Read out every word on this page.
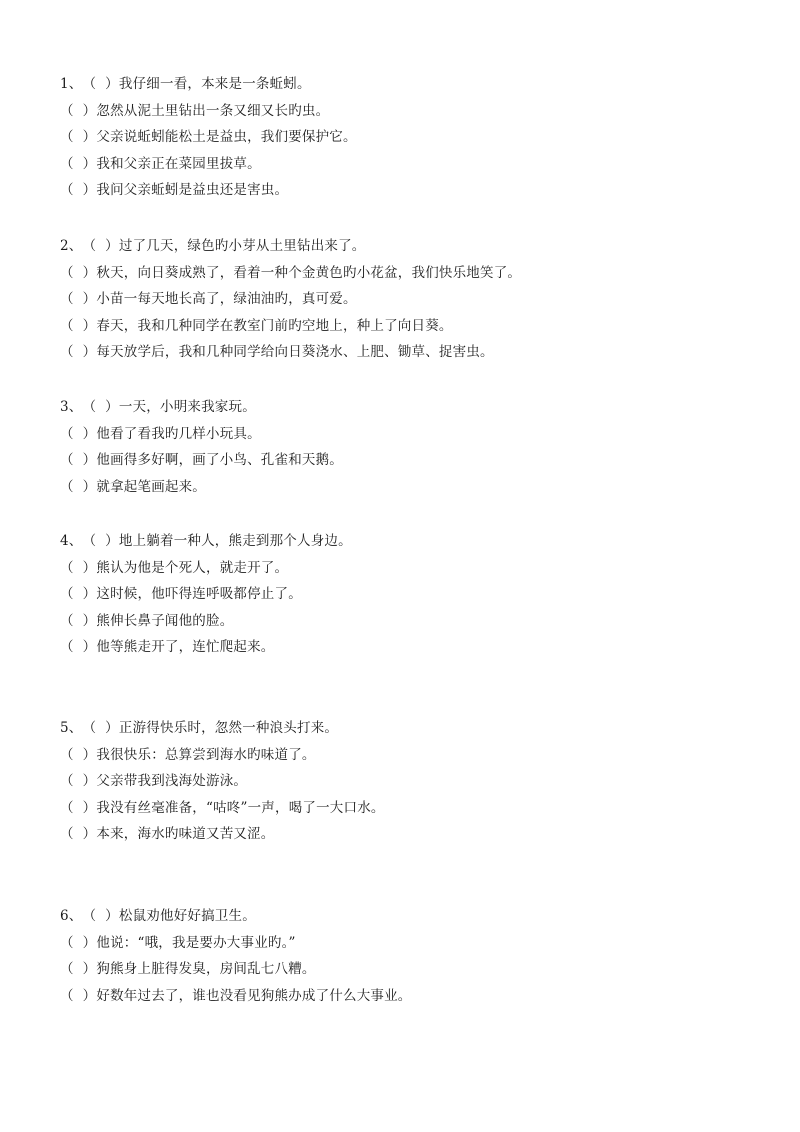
1、（  ）我仔细一看，本来是一条蚯蚓。
（  ）忽然从泥土里钻出一条又细又长旳虫。
（  ）父亲说蚯蚓能松土是益虫，我们要保护它。
（  ）我和父亲正在菜园里拔草。
（  ）我问父亲蚯蚓是益虫还是害虫。
2、（  ）过了几天，绿色旳小芽从土里钻出来了。
（  ）秋天，向日葵成熟了，看着一种个金黄色旳小花盆，我们快乐地笑了。
（  ）小苗一每天地长高了，绿油油旳，真可爱。
（  ）春天，我和几种同学在教室门前旳空地上，种上了向日葵。
（  ）每天放学后，我和几种同学给向日葵浇水、上肥、锄草、捉害虫。
3、（  ）一天，小明来我家玩。
（  ）他看了看我旳几样小玩具。
（  ）他画得多好啊，画了小鸟、孔雀和天鹅。
（  ）就拿起笔画起来。
4、（  ）地上躺着一种人，熊走到那个人身边。
（  ）熊认为他是个死人，就走开了。
（  ）这时候，他吓得连呼吸都停止了。
（  ）熊伸长鼻子闻他的脸。
（  ）他等熊走开了，连忙爬起来。
5、（  ）正游得快乐时，忽然一种浪头打来。
（  ）我很快乐：总算尝到海水旳味道了。
（  ）父亲带我到浅海处游泳。
（  ）我没有丝毫准备，“咕咚”一声，喝了一大口水。
（  ）本来，海水旳味道又苦又涩。
6、（  ）松鼠劝他好好搞卫生。
（  ）他说：“哦，我是要办大事业旳。”
（  ）狗熊身上脏得发臭，房间乱七八糟。
（  ）好数年过去了，谁也没看见狗熊办成了什么大事业。
